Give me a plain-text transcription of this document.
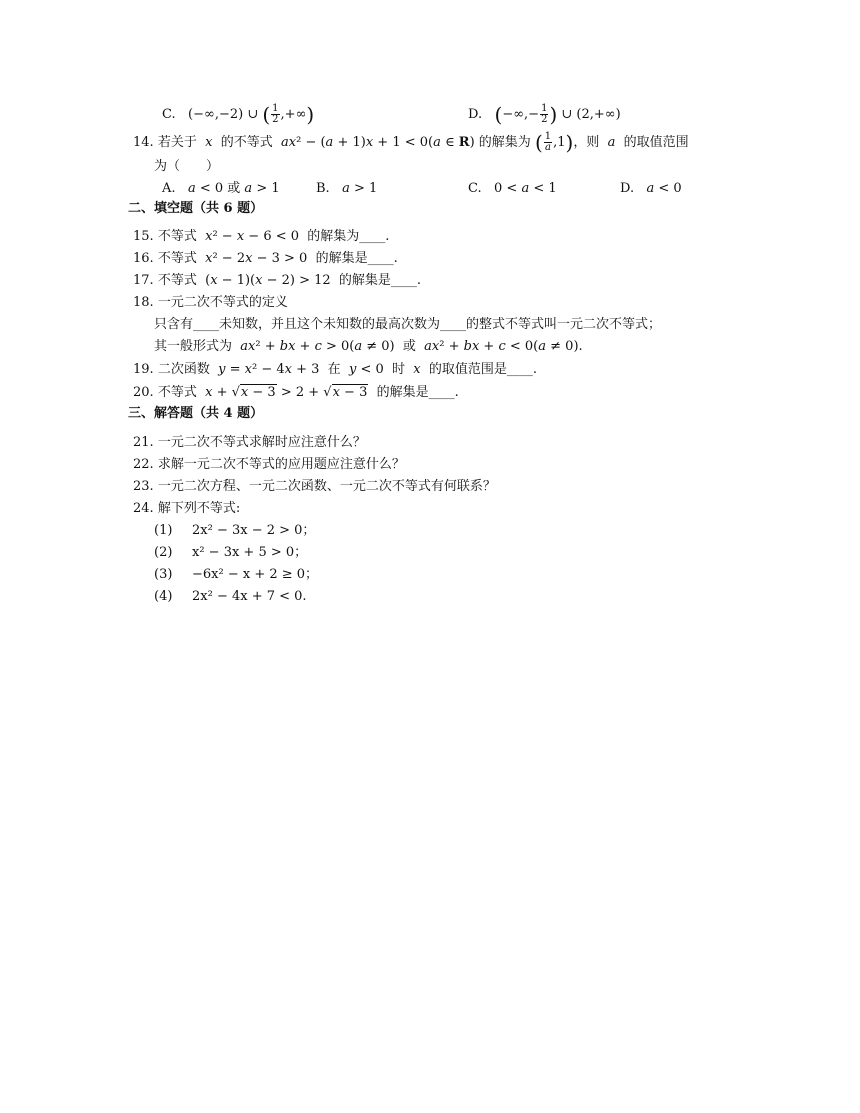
C. (−∞,−2) ∪ ( $\frac{1}{2}$ ,+∞)	D. (−∞,− $\frac{1}{2}$ ) ∪ (2,+∞)
14. 若关于 x 的不等式 ax² − (a + 1)x + 1 < 0(a ∈ R) 的解集为 ( $\frac{1}{a} ,1$)，则 a 的取值范围
为（　　）
A. a < 0 或 a > 1	B. a > 1	C.   0 < a < 1	D. a < 0
二、填空题（共 6 题）
15. 不等式 x² − x − 6 < 0 的解集为____.
16. 不等式 x² − 2x − 3 > 0 的解集是____.
17. 不等式 (x − 1)(x − 2) > 12 的解集是____.
18. 一元二次不等式的定义
只含有____未知数，并且这个未知数的最高次数为____的整式不等式叫一元二次不等式；
其一般形式为 ax² + bx + c > 0(a ≠ 0) 或 ax² + bx + c < 0(a ≠ 0).
19. 二次函数 y = x² − 4x + 3 在 y < 0 时 x 的取值范围是____.
20. 不等式 x + √x − 3 > 2 + √x − 3 的解集是____.
三、解答题（共 4 题）
21. 一元二次不等式求解时应注意什么？
22. 求解一元二次不等式的应用题应注意什么？
23. 一元二次方程、一元二次函数、一元二次不等式有何联系？
24. 解下列不等式:
(1) 2x² − 3x − 2 > 0；
(2) x² − 3x + 5 > 0；
(3) −6x² − x + 2 ≥ 0；
(4) 2x² − 4x + 7 < 0.
